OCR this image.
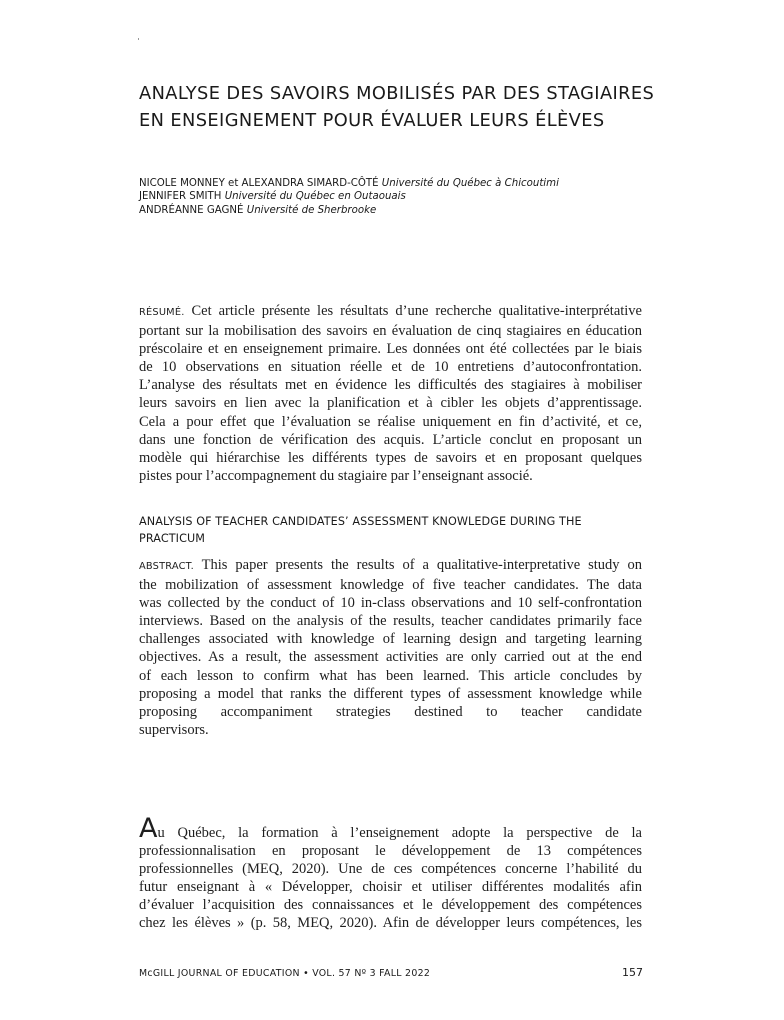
ANALYSE DES SAVOIRS MOBILISÉS PAR DES STAGIAIRES
EN ENSEIGNEMENT POUR ÉVALUER LEURS ÉLÈVES
NICOLE MONNEY et ALEXANDRA SIMARD-CÔTÉ Université du Québec à Chicoutimi
JENNIFER SMITH Université du Québec en Outaouais
ANDRÉANNE GAGNÉ Université de Sherbrooke
RÉSUMÉ. Cet article présente les résultats d’une recherche qualitative-interprétative
portant sur la mobilisation des savoirs en évaluation de cinq stagiaires en éducation
préscolaire et en enseignement primaire. Les données ont été collectées par le biais
de 10 observations en situation réelle et de 10 entretiens d’autoconfrontation.
L’analyse des résultats met en évidence les difficultés des stagiaires à mobiliser
leurs savoirs en lien avec la planification et à cibler les objets d’apprentissage.
Cela a pour effet que l’évaluation se réalise uniquement en fin d’activité, et ce,
dans une fonction de vérification des acquis. L’article conclut en proposant un
modèle qui hiérarchise les différents types de savoirs et en proposant quelques
pistes pour l’accompagnement du stagiaire par l’enseignant associé.
ANALYSIS OF TEACHER CANDIDATES’ ASSESSMENT KNOWLEDGE DURING THE PRACTICUM
ABSTRACT. This paper presents the results of a qualitative-interpretative study on
the mobilization of assessment knowledge of five teacher candidates. The data
was collected by the conduct of 10 in-class observations and 10 self-confrontation
interviews. Based on the analysis of the results, teacher candidates primarily face
challenges associated with knowledge of learning design and targeting learning
objectives. As a result, the assessment activities are only carried out at the end
of each lesson to confirm what has been learned. This article concludes by
proposing a model that ranks the different types of assessment knowledge while
proposing accompaniment strategies destined to teacher candidate
supervisors.
Au Québec, la formation à l’enseignement adopte la perspective de la
professionnalisation en proposant le développement de 13 compétences
professionnelles (MEQ, 2020). Une de ces compétences concerne l’habilité du
futur enseignant à « Développer, choisir et utiliser différentes modalités afin
d’évaluer l’acquisition des connaissances et le développement des compétences
chez les élèves » (p. 58, MEQ, 2020). Afin de développer leurs compétences, les
McGILL JOURNAL OF EDUCATION • VOL. 57 Nº 3 FALL 2022	157
